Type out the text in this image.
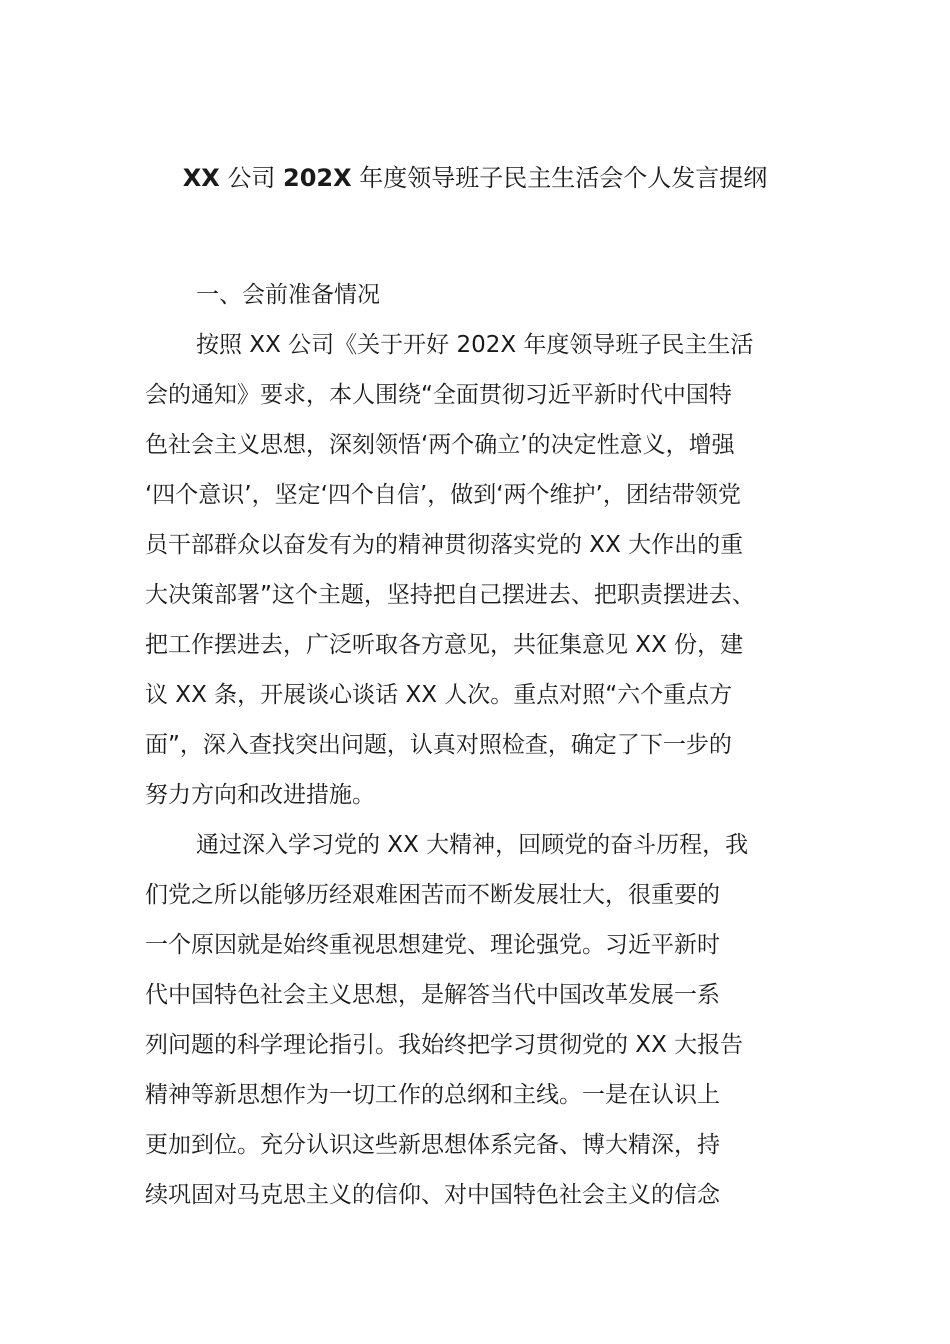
XX 公司 202X 年度领导班子民主生活会个人发言提纲
一、会前准备情况
按照 XX 公司《关于开好 202X 年度领导班子民主生活
会的通知》要求，本人围绕“全面贯彻习近平新时代中国特
色社会主义思想，深刻领悟‘两个确立’的决定性意义，增强
‘四个意识’，坚定‘四个自信’，做到‘两个维护’，团结带领党
员干部群众以奋发有为的精神贯彻落实党的 XX 大作出的重
大决策部署”这个主题，坚持把自己摆进去、把职责摆进去、
把工作摆进去，广泛听取各方意见，共征集意见 XX 份，建
议 XX 条，开展谈心谈话 XX 人次。重点对照“六个重点方
面”，深入查找突出问题，认真对照检查，确定了下一步的
努力方向和改进措施。
通过深入学习党的 XX 大精神，回顾党的奋斗历程，我
们党之所以能够历经艰难困苦而不断发展壮大，很重要的
一个原因就是始终重视思想建党、理论强党。习近平新时
代中国特色社会主义思想，是解答当代中国改革发展一系
列问题的科学理论指引。我始终把学习贯彻党的 XX 大报告
精神等新思想作为一切工作的总纲和主线。一是在认识上
更加到位。充分认识这些新思想体系完备、博大精深，持
续巩固对马克思主义的信仰、对中国特色社会主义的信念
